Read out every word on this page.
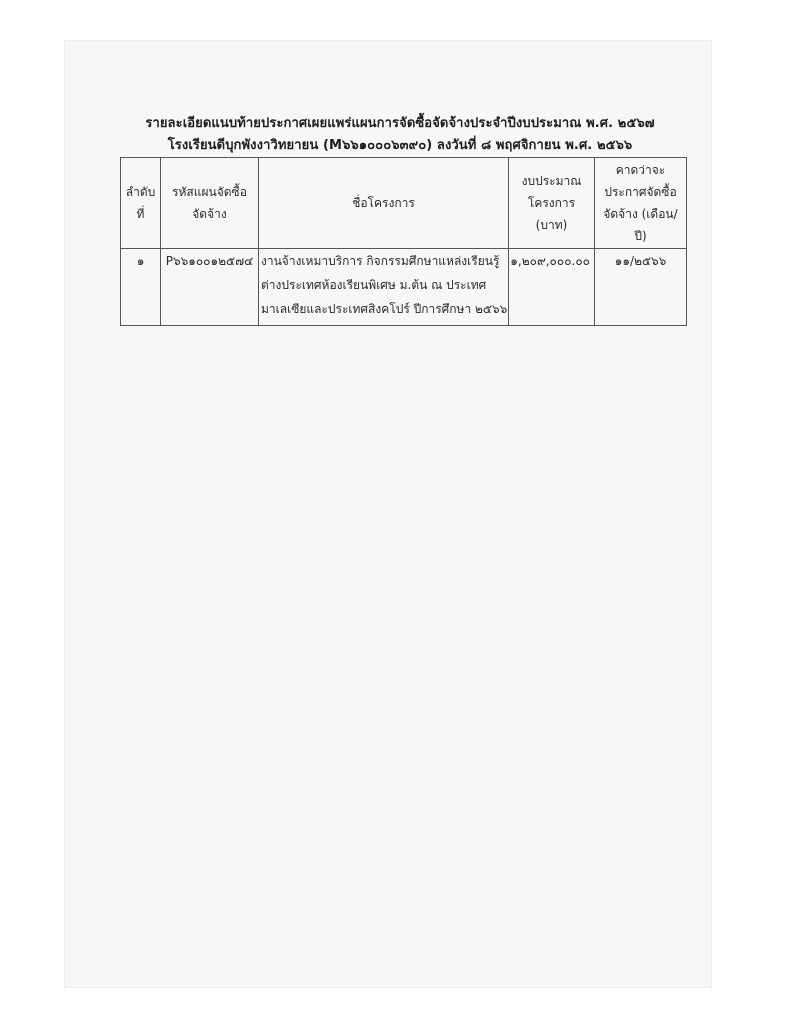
รายละเอียดแนบท้ายประกาศเผยแพร่แผนการจัดซื้อจัดจ้างประจำปีงบประมาณ พ.ศ. ๒๕๖๗
โรงเรียนดีบุกพังงาวิทยายน (M๖๖๑๐๐๐๖๓๙๐) ลงวันที่ ๘ พฤศจิกายน พ.ศ. ๒๕๖๖
ลำดับที่	รหัสแผนจัดซื้อจัดจ้าง	ชื่อโครงการ	งบประมาณโครงการ (บาท)	คาดว่าจะประกาศจัดซื้อจัดจ้าง (เดือน/ปี)

๑	P๖๖๑๐๐๑๒๕๗๔	งานจ้างเหมาบริการ กิจกรรมศึกษาแหล่งเรียนรู้ต่างประเทศห้องเรียนพิเศษ ม.ต้น ณ ประเทศมาเลเซียและประเทศสิงคโปร์ ปีการศึกษา ๒๕๖๖	๑,๒๐๙,๐๐๐.๐๐	๑๑/๒๕๖๖
